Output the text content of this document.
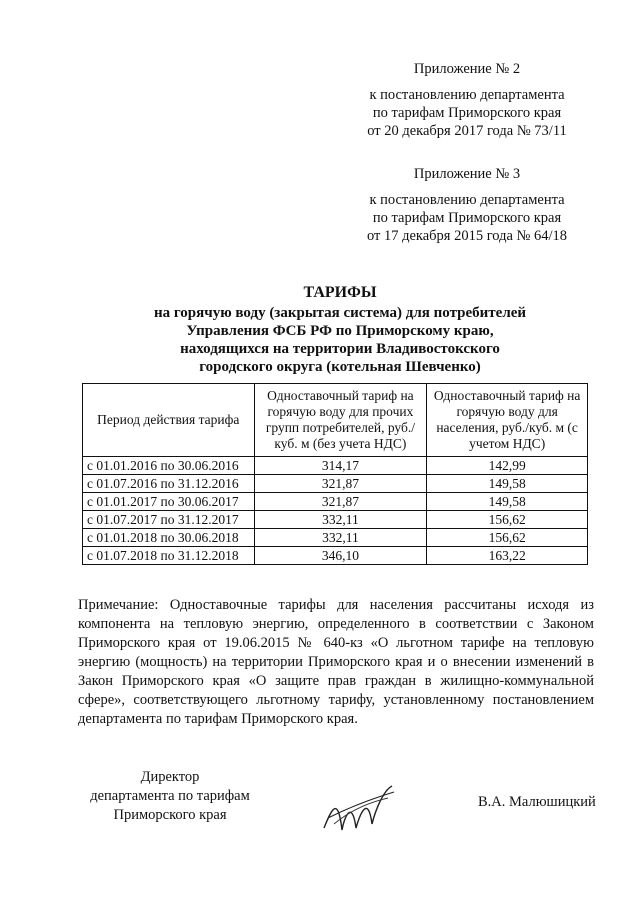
Приложение № 2
к постановлению департамента
по тарифам Приморского края
от 20 декабря 2017 года № 73/11
Приложение № 3
к постановлению департамента
по тарифам Приморского края
от 17 декабря 2015 года № 64/18
ТАРИФЫ
на горячую воду (закрытая система) для потребителей
Управления ФСБ РФ по Приморскому краю,
находящихся на территории Владивостокского
городского округа (котельная Шевченко)
Период действия тарифа	Одноставочный тариф на горячую воду для прочих групп потребителей, руб./куб. м (без учета НДС)	Одноставочный тариф на горячую воду для населения, руб./куб. м (с учетом НДС)
с 01.01.2016 по 30.06.2016	314,17	142,99
с 01.07.2016 по 31.12.2016	321,87	149,58
с 01.01.2017 по 30.06.2017	321,87	149,58
с 01.07.2017 по 31.12.2017	332,11	156,62
с 01.01.2018 по 30.06.2018	332,11	156,62
с 01.07.2018 по 31.12.2018	346,10	163,22
Примечание: Одноставочные тарифы для населения рассчитаны исходя из компонента на тепловую энергию, определенного в соответствии с Законом Приморского края от 19.06.2015 № 640-кз «О льготном тарифе на тепловую энергию (мощность) на территории Приморского края и о внесении изменений в Закон Приморского края «О защите прав граждан в жилищно-коммунальной сфере», соответствующего льготному тарифу, установленному постановлением департамента по тарифам Приморского края.
Директор
департамента по тарифам
Приморского края
В.А. Малюшицкий
